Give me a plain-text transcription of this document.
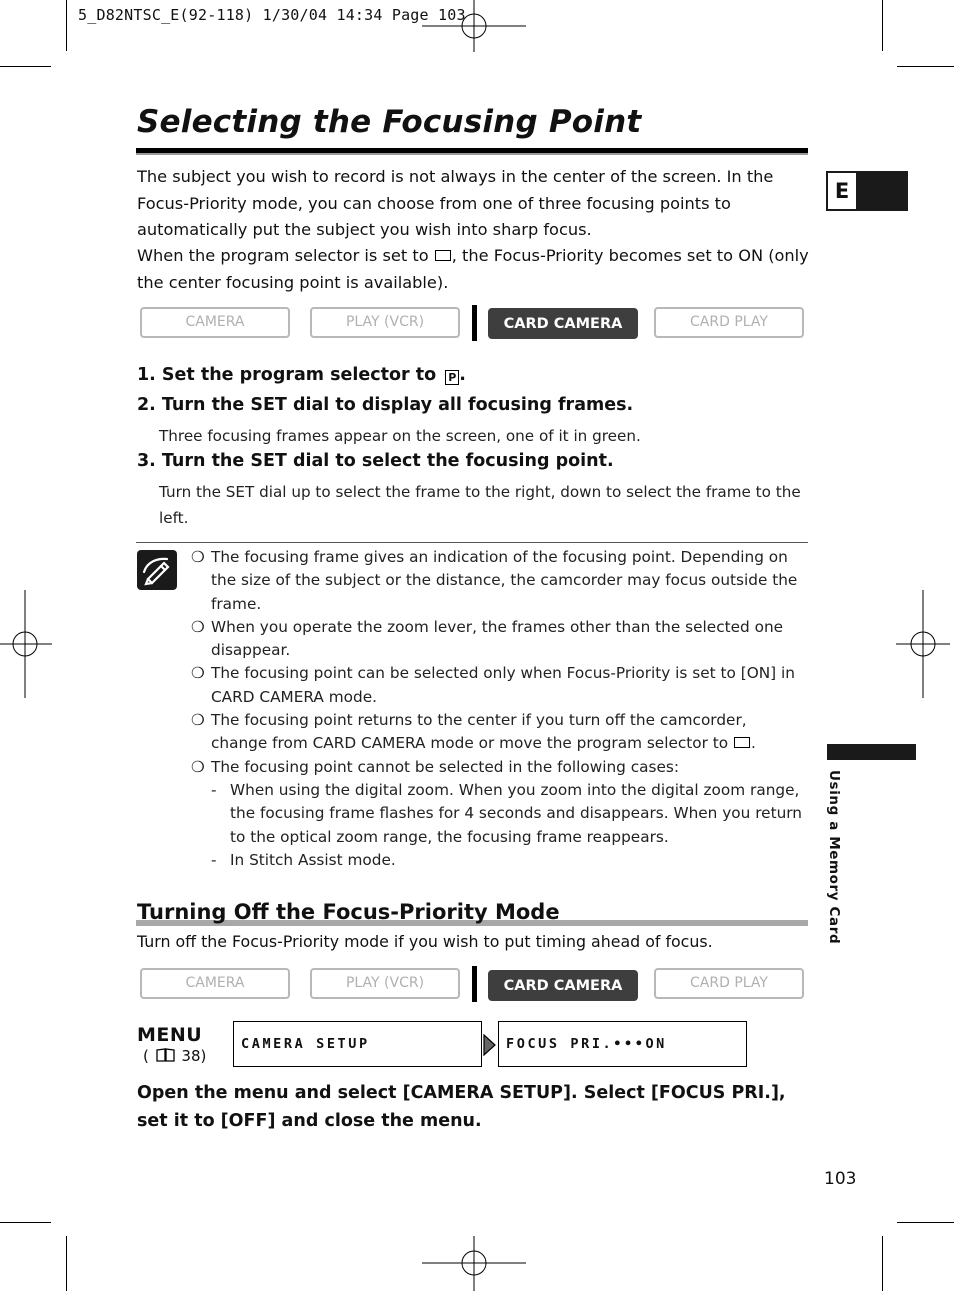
5_D82NTSC_E(92-118) 1/30/04 14:34 Page 103
Selecting the Focusing Point
E
The subject you wish to record is not always in the center of the screen. In the Focus-Priority mode, you can choose from one of three focusing points to automatically put the subject you wish into sharp focus.
When the program selector is set to , the Focus-Priority becomes set to ON (only the center focusing point is available).
CAMERA	PLAY (VCR)	CARD CAMERA	CARD PLAY
1. Set the program selector to P .
2. Turn the SET dial to display all focusing frames.
Three focusing frames appear on the screen, one of it in green.
3. Turn the SET dial to select the focusing point.
Turn the SET dial up to select the frame to the right, down to select the frame to the left.
❍ The focusing frame gives an indication of the focusing point. Depending on the size of the subject or the distance, the camcorder may focus outside the frame.
❍ When you operate the zoom lever, the frames other than the selected one disappear.
❍ The focusing point can be selected only when Focus-Priority is set to [ON] in CARD CAMERA mode.
❍ The focusing point returns to the center if you turn off the camcorder, change from CARD CAMERA mode or move the program selector to .
❍ The focusing point cannot be selected in the following cases:
- When using the digital zoom. When you zoom into the digital zoom range, the focusing frame flashes for 4 seconds and disappears. When you return to the optical zoom range, the focusing frame reappears.
- In Stitch Assist mode.
Turning Off the Focus-Priority Mode
Turn off the Focus-Priority mode if you wish to put timing ahead of focus.
CAMERA	PLAY (VCR)	CARD CAMERA	CARD PLAY
MENU
( 38)
CAMERA SETUP	FOCUS PRI.•••ON
Open the menu and select [CAMERA SETUP]. Select [FOCUS PRI.], set it to [OFF] and close the menu.
Using a Memory Card
103
